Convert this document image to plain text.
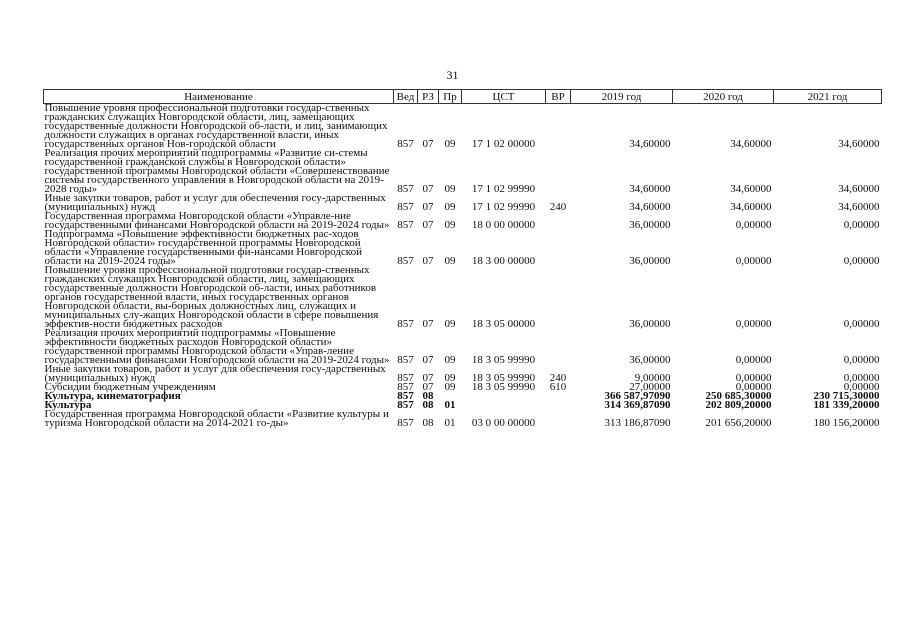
31
Наименование	Вед	РЗ	Пр	ЦСТ	ВР	2019 год	2020 год	2021 год
Повышение уровня профессиональной подготовки государ-ственных гражданских служащих Новгородской области, лиц, замещающих государственные должности Новгородской об-ласти, и лиц, занимающих должности служащих в органах государственной власти, иных государственных органов Нов-городской области	857	07	09	17 1 02 00000		34,60000	34,60000	34,60000
Реализация прочих мероприятий подпрограммы «Развитие си-стемы государственной гражданской службы в Новгородской области» государственной программы Новгородской области «Совершенствование системы государственного управления в Новгородской области на 2019-2028 годы»	857	07	09	17 1 02 99990		34,60000	34,60000	34,60000
Иные закупки товаров, работ и услуг для обеспечения госу-дарственных (муниципальных) нужд	857	07	09	17 1 02 99990	240	34,60000	34,60000	34,60000
Государственная программа Новгородской области «Управле-ние государственными финансами Новгородской области на 2019-2024 годы»	857	07	09	18 0 00 00000		36,00000	0,00000	0,00000
Подпрограмма «Повышение эффективности бюджетных рас-ходов Новгородской области» государственной программы Новгородской области «Управление государственными фи-нансами Новгородской области на 2019-2024 годы»	857	07	09	18 3 00 00000		36,00000	0,00000	0,00000
Повышение уровня профессиональной подготовки государ-ственных гражданских служащих Новгородской области, лиц, замещающих государственные должности Новгородской об-ласти, иных работников органов государственной власти, иных государственных органов Новгородской области, вы-борных должностных лиц, служащих и муниципальных слу-жащих Новгородской области в сфере повышения эффектив-ности бюджетных расходов	857	07	09	18 3 05 00000		36,00000	0,00000	0,00000
Реализация прочих мероприятий подпрограммы «Повышение эффективности бюджетных расходов Новгородской области» государственной программы Новгородской области «Управ-ление государственными финансами Новгородской области на 2019-2024 годы»	857	07	09	18 3 05 99990		36,00000	0,00000	0,00000
Иные закупки товаров, работ и услуг для обеспечения госу-дарственных (муниципальных) нужд	857	07	09	18 3 05 99990	240	9,00000	0,00000	0,00000
Субсидии бюджетным учреждениям	857	07	09	18 3 05 99990	610	27,00000	0,00000	0,00000
Культура, кинематография	857	08				366 587,97090	250 685,30000	230 715,30000
Культура	857	08	01			314 369,87090	202 809,20000	181 339,20000
Государственная программа Новгородской области «Развитие культуры и туризма Новгородской области на 2014-2021 го-ды»	857	08	01	03 0 00 00000		313 186,87090	201 656,20000	180 156,20000
